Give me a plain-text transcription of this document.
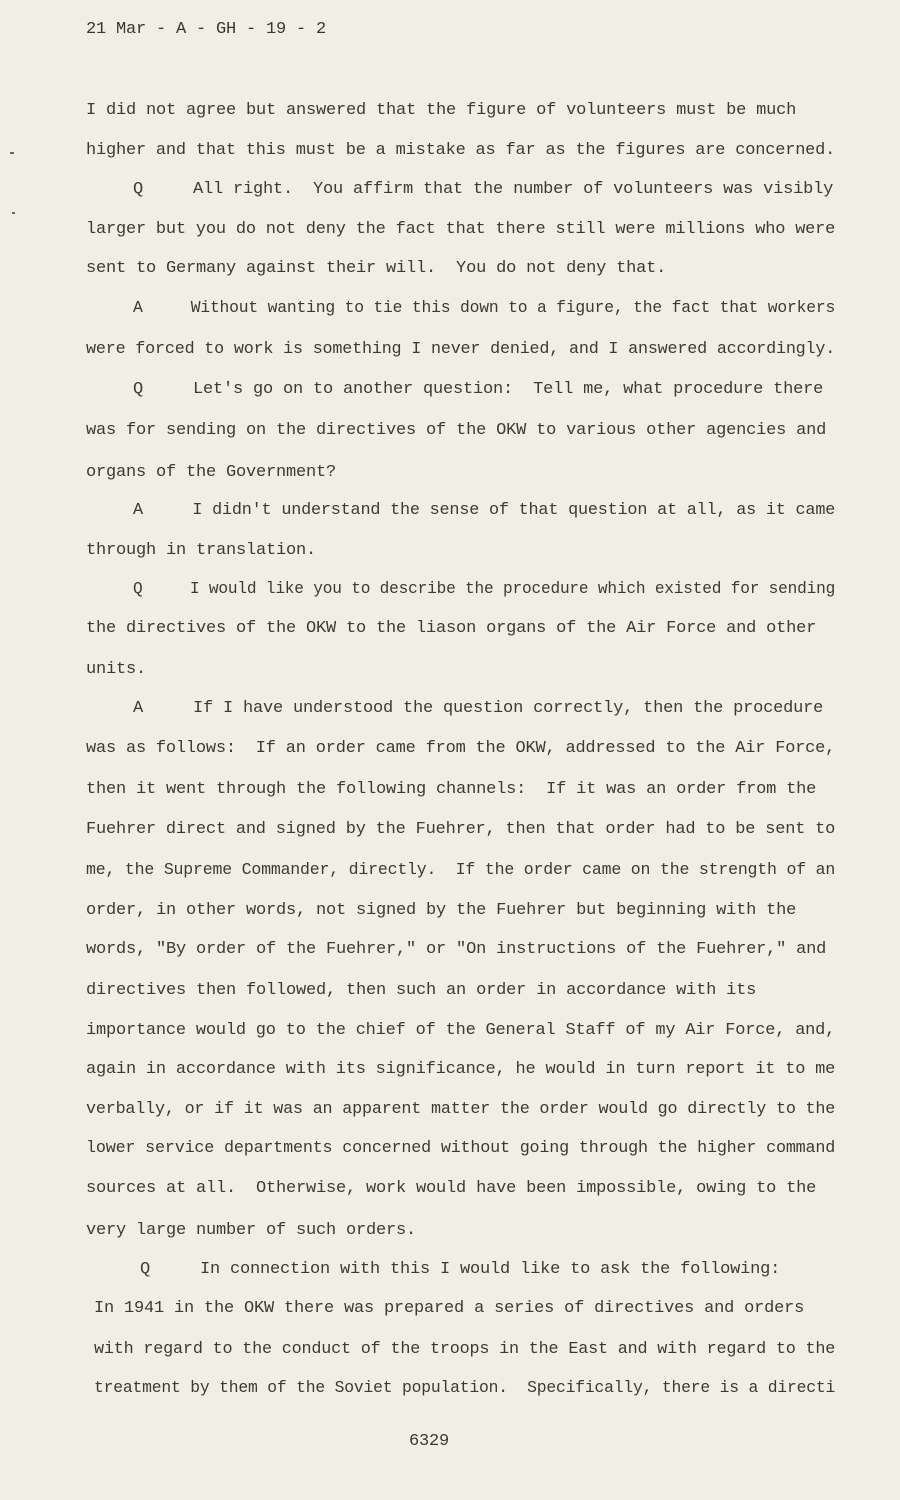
21 Mar - A - GH - 19 - 2
I did not agree but answered that the figure of volunteers must be much
higher and that this must be a mistake as far as the figures are concerned.
Q     All right.  You affirm that the number of volunteers was visibly
larger but you do not deny the fact that there still were millions who were
sent to Germany against their will.  You do not deny that.
A     Without wanting to tie this down to a figure, the fact that workers
were forced to work is something I never denied, and I answered accordingly.
Q     Let's go on to another question:  Tell me, what procedure there
was for sending on the directives of the OKW to various other agencies and
organs of the Government?
A     I didn't understand the sense of that question at all, as it came
through in translation.
Q     I would like you to describe the procedure which existed for sending
the directives of the OKW to the liason organs of the Air Force and other
units.
A     If I have understood the question correctly, then the procedure
was as follows:  If an order came from the OKW, addressed to the Air Force,
then it went through the following channels:  If it was an order from the
Fuehrer direct and signed by the Fuehrer, then that order had to be sent to
me, the Supreme Commander, directly.  If the order came on the strength of an
order, in other words, not signed by the Fuehrer but beginning with the
words, "By order of the Fuehrer," or "On instructions of the Fuehrer," and
directives then followed, then such an order in accordance with its
importance would go to the chief of the General Staff of my Air Force, and,
again in accordance with its significance, he would in turn report it to me
verbally, or if it was an apparent matter the order would go directly to the
lower service departments concerned without going through the higher command
sources at all.  Otherwise, work would have been impossible, owing to the
very large number of such orders.
Q     In connection with this I would like to ask the following:
In 1941 in the OKW there was prepared a series of directives and orders
with regard to the conduct of the troops in the East and with regard to the
treatment by them of the Soviet population.  Specifically, there is a directi
6329
